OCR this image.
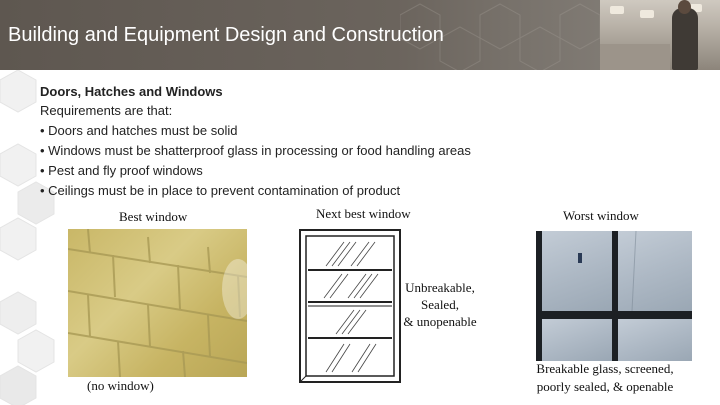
Building and Equipment Design and Construction
Doors, Hatches and Windows
Requirements are that:
• Doors and hatches must be solid
• Windows must be shatterproof glass in processing or food handling areas
• Pest and fly proof windows
• Ceilings must be in place to prevent contamination of product
Best window
(no window)
Next best window
Unbreakable,
Sealed,
& unopenable
Worst window
Breakable glass, screened,
poorly sealed, & openable
